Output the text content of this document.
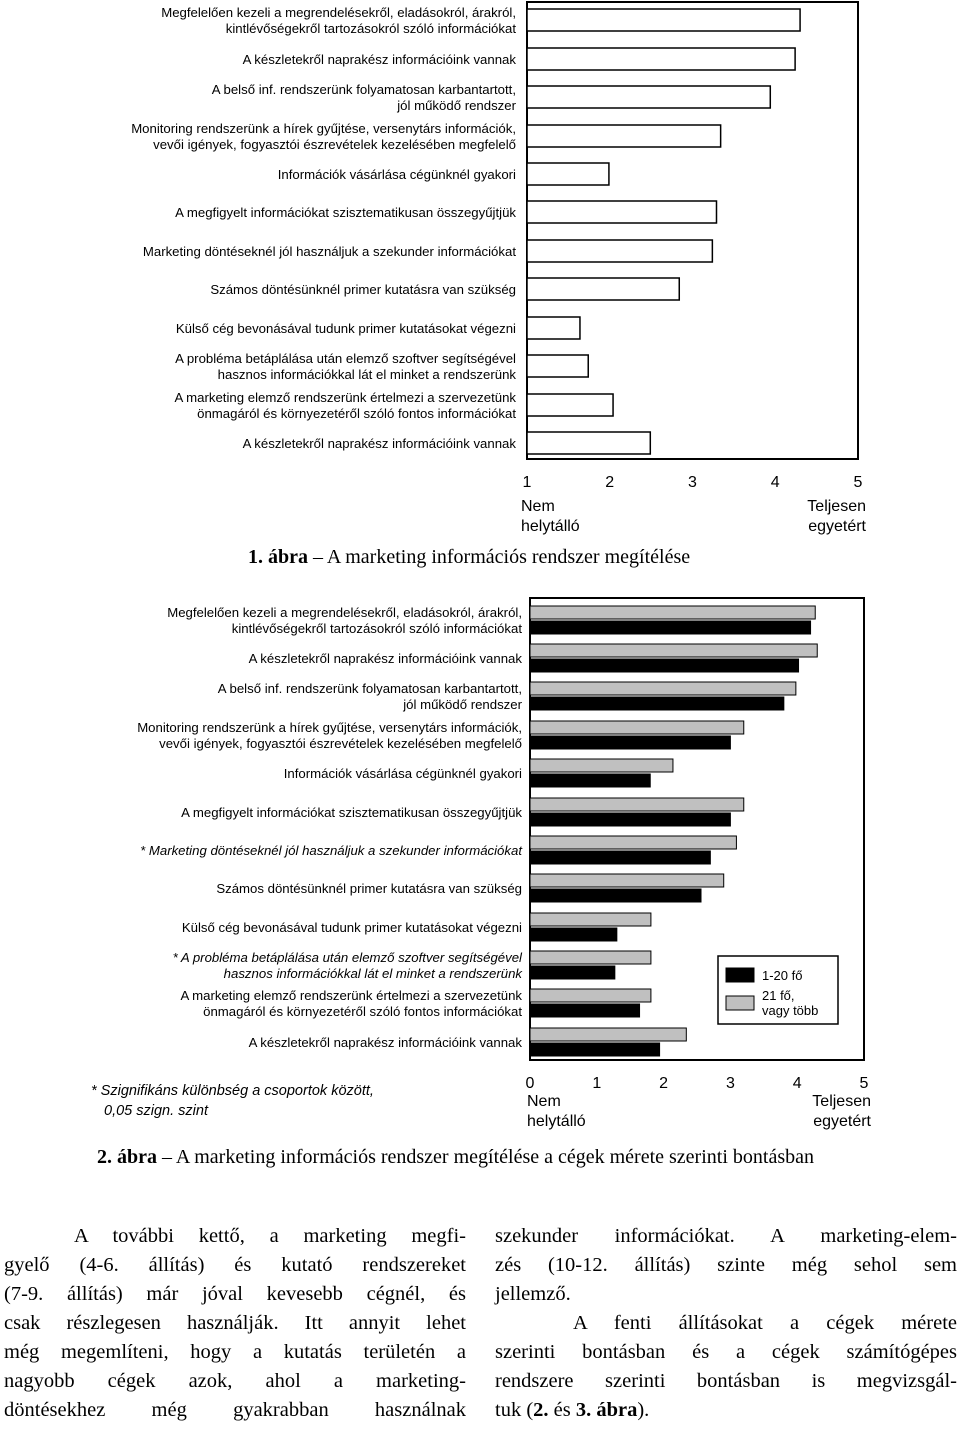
Megfelelően kezeli a megrendelésekről, eladásokról, árakról,
kintlévőségekről tartozásokról szóló információkat
A készletekről naprakész információink vannak
A belső inf. rendszerünk folyamatosan karbantartott,
jól működő rendszer
Monitoring rendszerünk a hírek gyűjtése, versenytárs információk,
vevői igények, fogyasztói észrevételek kezelésében megfelelő
Információk vásárlása cégünknél gyakori
A megfigyelt információkat szisztematikusan összegyűjtjük
Marketing döntéseknél jól használjuk a szekunder információkat
Számos döntésünknél primer kutatásra van szükség
Külső cég bevonásával tudunk primer kutatásokat végezni
A probléma betáplálása után elemző szoftver segítségével
hasznos információkkal lát el minket a rendszerünk
A marketing elemző rendszerünk értelmezi a szervezetünk
önmagáról és környezetéről szóló fontos információkat
A készletekről naprakész információink vannak
1	2	3	4	5
Nem
helytálló
Teljesen
egyetért
Megfelelően kezeli a megrendelésekről, eladásokról, árakról,
kintlévőségekről tartozásokról szóló információkat
A készletekről naprakész információink vannak
A belső inf. rendszerünk folyamatosan karbantartott,
jól működő rendszer
Monitoring rendszerünk a hírek gyűjtése, versenytárs információk,
vevői igények, fogyasztói észrevételek kezelésében megfelelő
Információk vásárlása cégünknél gyakori
A megfigyelt információkat szisztematikusan összegyűjtjük
* Marketing döntéseknél jól használjuk a szekunder információkat
Számos döntésünknél primer kutatásra van szükség
Külső cég bevonásával tudunk primer kutatásokat végezni
* A probléma betáplálása után elemző szoftver segítségével
hasznos információkkal lát el minket a rendszerünk
A marketing elemző rendszerünk értelmezi a szervezetünk
önmagáról és környezetéről szóló fontos információkat
A készletekről naprakész információink vannak
1-20 fő
21 fő,
vagy több
0	1	2	3	4	5
Nem
helytálló
Teljesen
egyetért
* Szignifikáns különbség a csoportok között,
0,05 szign. szint
1. ábra – A marketing információs rendszer megítélése
2. ábra – A marketing információs rendszer megítélése a cégek mérete szerinti bontásban

A további kettő, a marketing megfi-
gyelő (4-6. állítás) és kutató rendszereket
(7-9. állítás) már jóval kevesebb cégnél, és
csak részlegesen használják. Itt annyit lehet
még megemlíteni, hogy a kutatás területén a
nagyobb cégek azok, ahol a marketing-
döntésekhez még gyakrabban használnak

szekunder információkat. A marketing-elem-
zés (10-12. állítás) szinte még sehol sem
jellemző.

A fenti állításokat a cégek mérete
szerinti bontásban és a cégek számítógépes
rendszere szerinti bontásban is megvizsgál-
tuk (2. és 3. ábra).
